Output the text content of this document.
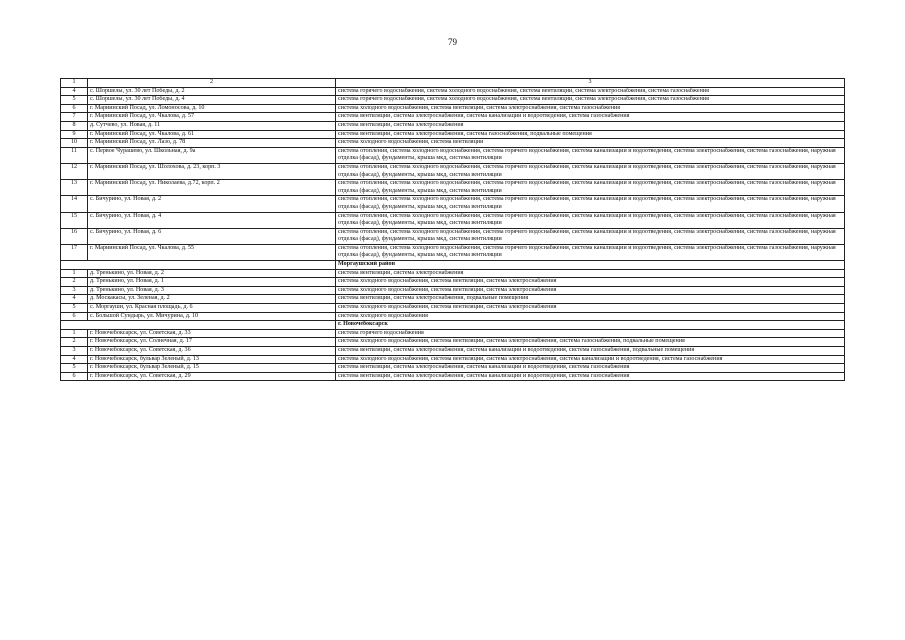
79
1	2	3
4	с. Шоршелы, ул. 30 лет Победы, д. 2	система горячего водоснабжения, система холодного водоснабжения, система вентиляции, система электроснабжения, система газоснабжения
5	с. Шоршелы, ул. 30 лет Победы, д. 4	система горячего водоснабжения, система холодного водоснабжения, система вентиляции, система электроснабжения, система газоснабжения
6	г. Мариинский Посад, ул. Ломоносова, д. 10	система холодного водоснабжения, система вентиляции, система электроснабжения, система газоснабжения
7	г. Мариинский Посад, ул. Чкалова, д. 57	система вентиляции, система электроснабжения, система канализации и водоотведения, система газоснабжения
8	д. Сутчево, ул. Новая, д. 11	система вентиляции, система электроснабжения
9	г. Мариинский Посад, ул. Чкалова, д. 61	система вентиляции, система электроснабжения, система газоснабжения, подвальные помещения
10	г. Мариинский Посад, ул. Лазо, д. 78	система холодного водоснабжения, система вентиляции
11	с. Первое Чурашево, ул. Школьная, д. 9а	система отопления, система холодного водоснабжения, система горячего водоснабжения, система канализации и водоотведения, система электроснабжения, система газоснабжения, наружная отделка (фасад), фундаменты, крыша мкд, система вентиляции
12	г. Мариинский Посад, ул. Шолохова, д. 23, корп. 3	система отопления, система холодного водоснабжения, система горячего водоснабжения, система канализации и водоотведения, система электроснабжения, система газоснабжения, наружная отделка (фасад), фундаменты, крыша мкд, система вентиляции
13	г. Мариинский Посад, ул. Николаева, д.72, корп. 2	система отопления, система холодного водоснабжения, система горячего водоснабжения, система канализации и водоотведения, система электроснабжения, система газоснабжения, наружная отделка (фасад), фундаменты, крыша мкд, система вентиляции
14	с. Бичурино, ул. Новая, д. 2	система отопления, система холодного водоснабжения, система горячего водоснабжения, система канализации и водоотведения, система электроснабжения, система газоснабжения, наружная отделка (фасад), фундаменты, крыша мкд, система вентиляции
15	с. Бичурино, ул. Новая, д. 4	система отопления, система холодного водоснабжения, система горячего водоснабжения, система канализации и водоотведения, система электроснабжения, система газоснабжения, наружная отделка (фасад), фундаменты, крыша мкд, система вентиляции
16	с. Бичурино, ул. Новая, д. 6	система отопления, система холодного водоснабжения, система горячего водоснабжения, система канализации и водоотведения, система электроснабжения, система газоснабжения, наружная отделка (фасад), фундаменты, крыша мкд, система вентиляции
17	г. Мариинский Посад, ул. Чкалова, д. 55	система отопления, система холодного водоснабжения, система горячего водоснабжения, система канализации и водоотведения, система электроснабжения, система газоснабжения, наружная отделка (фасад), фундаменты, крыша мкд, система вентиляции
		Моргаушский район
1	д. Тренькино, ул. Новая, д. 2	система вентиляции, система электроснабжения
2	д. Тренькино, ул. Новая, д. 1	система холодного водоснабжения, система вентиляции, система электроснабжения
3	д. Тренькино, ул. Новая, д. 3	система холодного водоснабжения, система вентиляции, система электроснабжения
4	д. Москакасы, ул. Зеленая, д. 2	система вентиляции, система электроснабжения, подвальные помещения
5	с. Моргауши, ул. Красная площадь, д. 6	система холодного водоснабжения, система вентиляции, система электроснабжения
6	с. Большой Сундырь, ул. Мичурина, д. 10	система холодного водоснабжения
		г. Новочебоксарск
1	г. Новочебоксарск, ул. Советская, д. 33	система горячего водоснабжения
2	г. Новочебоксарск, ул. Солнечная, д. 17	система холодного водоснабжения, система вентиляции, система электроснабжения, система газоснабжения, подвальные помещения
3	г. Новочебоксарск, ул. Советская, д. 36	система вентиляции, система электроснабжения, система канализации и водоотведения, система газоснабжения, подвальные помещения
4	г. Новочебоксарск, бульвар Зеленый, д. 13	система холодного водоснабжения, система вентиляции, система электроснабжения, система канализации и водоотведения, система газоснабжения
5	г. Новочебоксарск, бульвар Зеленый, д. 15	система вентиляции, система электроснабжения, система канализации и водоотведения, система газоснабжения
6	г. Новочебоксарск, ул. Советская, д. 29	система вентиляции, система электроснабжения, система канализации и водоотведения, система газоснабжения
